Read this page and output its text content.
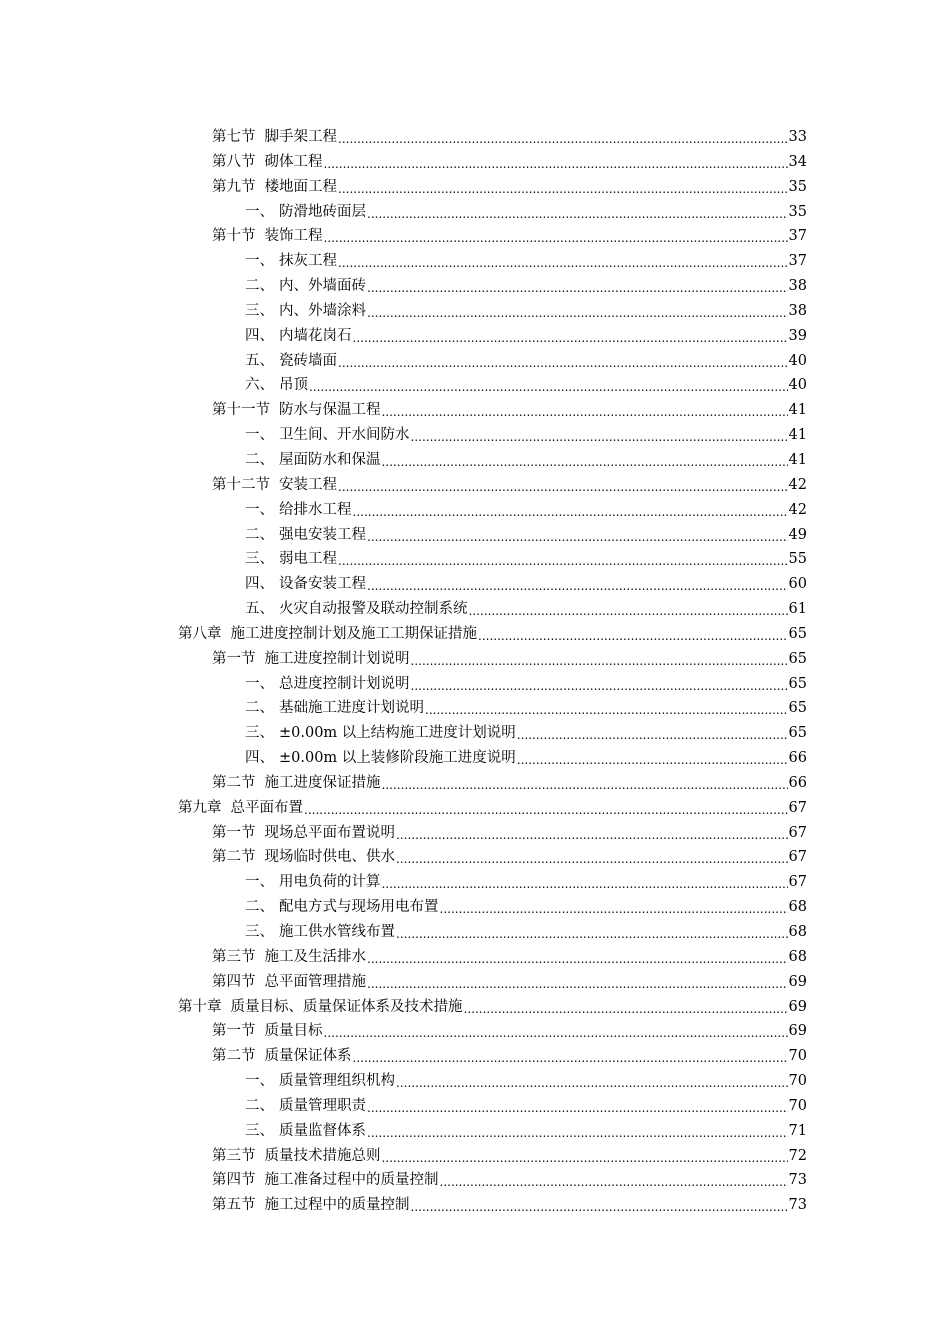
第七节 脚手架工程 .....	33
第八节 砌体工程 .....	34
第九节 楼地面工程 .....	35
一、 防滑地砖面层 .....	35
第十节 装饰工程 .....	37
一、 抹灰工程 .....	37
二、 内、外墙面砖 .....	38
三、 内、外墙涂料 .....	38
四、 内墙花岗石 .....	39
五、 瓷砖墙面 .....	40
六、 吊顶 .....	40
第十一节 防水与保温工程 .....	41
一、 卫生间、开水间防水 .....	41
二、 屋面防水和保温 .....	41
第十二节 安装工程 .....	42
一、 给排水工程 .....	42
二、 强电安装工程 .....	49
三、 弱电工程 .....	55
四、 设备安装工程 .....	60
五、 火灾自动报警及联动控制系统 .....	61
第八章 施工进度控制计划及施工工期保证措施 .....	65
第一节 施工进度控制计划说明 .....	65
一、 总进度控制计划说明 .....	65
二、 基础施工进度计划说明 .....	65
三、 ±0.00m 以上结构施工进度计划说明 .....	65
四、 ±0.00m 以上装修阶段施工进度说明 .....	66
第二节 施工进度保证措施 .....	66
第九章 总平面布置 .....	67
第一节 现场总平面布置说明 .....	67
第二节 现场临时供电、供水 .....	67
一、 用电负荷的计算 .....	67
二、 配电方式与现场用电布置 .....	68
三、 施工供水管线布置 .....	68
第三节 施工及生活排水 .....	68
第四节 总平面管理措施 .....	69
第十章 质量目标、质量保证体系及技术措施 .....	69
第一节 质量目标 .....	69
第二节 质量保证体系 .....	70
一、 质量管理组织机构 .....	70
二、 质量管理职责 .....	70
三、 质量监督体系 .....	71
第三节 质量技术措施总则 .....	72
第四节 施工准备过程中的质量控制 .....	73
第五节 施工过程中的质量控制 .....	73
